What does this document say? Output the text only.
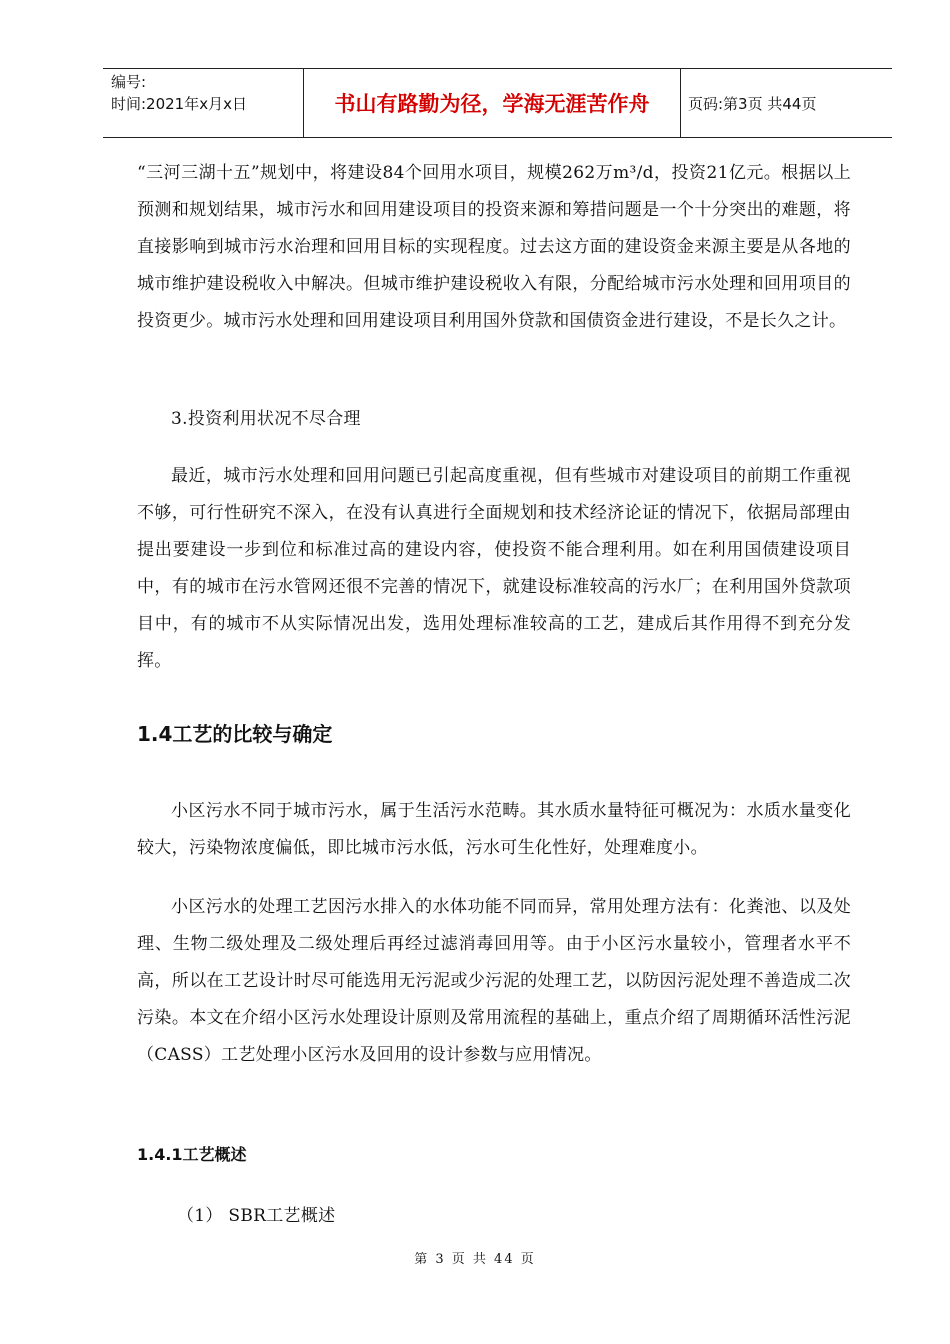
编号:
时间:2021年x月x日	书山有路勤为径，学海无涯苦作舟	页码:第3页 共44页
“三河三湖十五”规划中，将建设84个回用水项目，规模262万m³/d，投资21亿元。根据以上预测和规划结果，城市污水和回用建设项目的投资来源和筹措问题是一个十分突出的难题，将直接影响到城市污水治理和回用目标的实现程度。过去这方面的建设资金来源主要是从各地的城市维护建设税收入中解决。但城市维护建设税收入有限，分配给城市污水处理和回用项目的投资更少。城市污水处理和回用建设项目利用国外贷款和国债资金进行建设，不是长久之计。
3.投资利用状况不尽合理
最近，城市污水处理和回用问题已引起高度重视，但有些城市对建设项目的前期工作重视不够，可行性研究不深入，在没有认真进行全面规划和技术经济论证的情况下，依据局部理由提出要建设一步到位和标准过高的建设内容，使投资不能合理利用。如在利用国债建设项目中，有的城市在污水管网还很不完善的情况下，就建设标准较高的污水厂；在利用国外贷款项目中，有的城市不从实际情况出发，选用处理标准较高的工艺，建成后其作用得不到充分发挥。
1.4工艺的比较与确定
小区污水不同于城市污水，属于生活污水范畴。其水质水量特征可概况为：水质水量变化较大，污染物浓度偏低，即比城市污水低，污水可生化性好，处理难度小。
小区污水的处理工艺因污水排入的水体功能不同而异，常用处理方法有：化粪池、以及处理、生物二级处理及二级处理后再经过滤消毒回用等。由于小区污水量较小，管理者水平不高，所以在工艺设计时尽可能选用无污泥或少污泥的处理工艺，以防因污泥处理不善造成二次污染。本文在介绍小区污水处理设计原则及常用流程的基础上，重点介绍了周期循环活性污泥（CASS）工艺处理小区污水及回用的设计参数与应用情况。
1.4.1工艺概述
（1） SBR工艺概述
第 3 页 共 44 页
